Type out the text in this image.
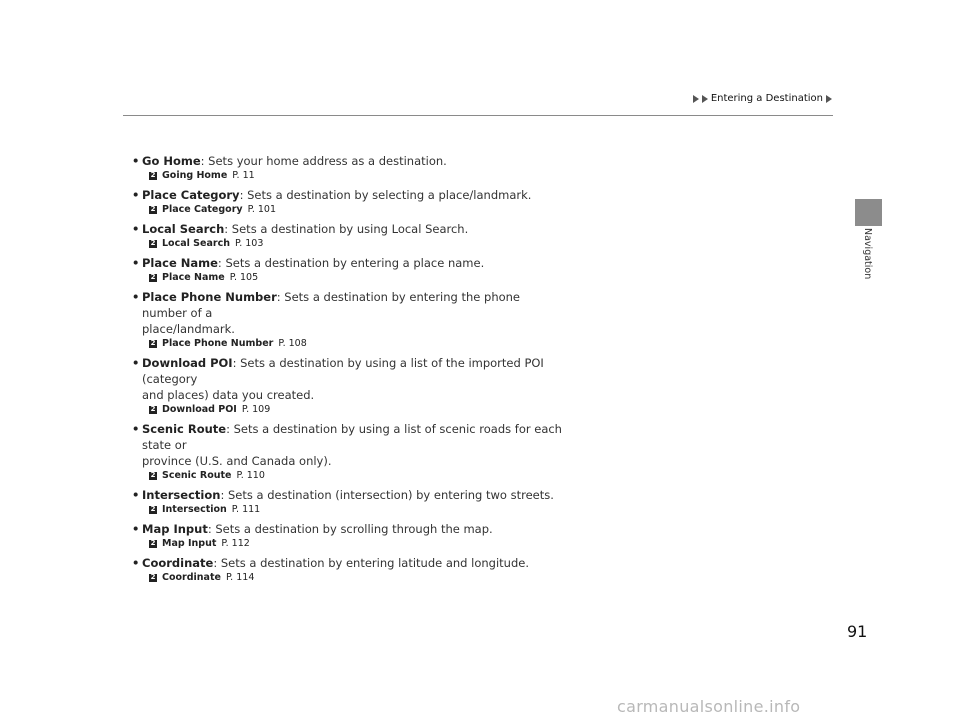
Entering a Destination
Navigation
• Go Home: Sets your home address as a destination.
2 Going Home P. 11
• Place Category: Sets a destination by selecting a place/landmark.
2 Place Category P. 101
• Local Search: Sets a destination by using Local Search.
2 Local Search P. 103
• Place Name: Sets a destination by entering a place name.
2 Place Name P. 105
• Place Phone Number: Sets a destination by entering the phone number of a
place/landmark.
2 Place Phone Number P. 108
• Download POI: Sets a destination by using a list of the imported POI (category
and places) data you created.
2 Download POI P. 109
• Scenic Route: Sets a destination by using a list of scenic roads for each state or
province (U.S. and Canada only).
2 Scenic Route P. 110
• Intersection: Sets a destination (intersection) by entering two streets.
2 Intersection P. 111
• Map Input: Sets a destination by scrolling through the map.
2 Map Input P. 112
• Coordinate: Sets a destination by entering latitude and longitude.
2 Coordinate P. 114
91
carmanualsonline.info
